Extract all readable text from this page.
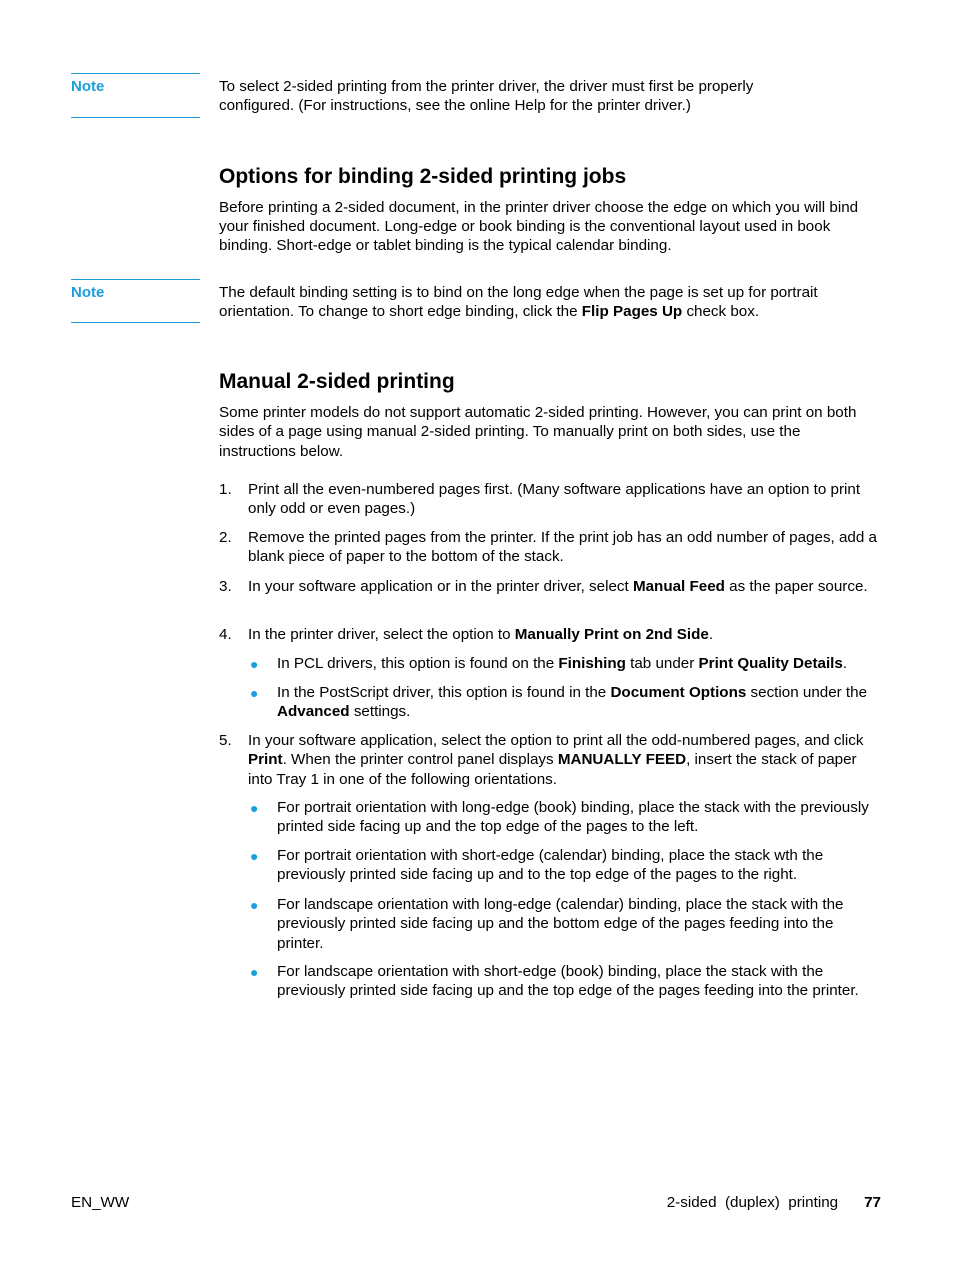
Note	To select 2-sided printing from the printer driver, the driver must first be properly
configured. (For instructions, see the online Help for the printer driver.)
Options for binding 2-sided printing jobs

Before printing a 2-sided document, in the printer driver choose the edge on which you will bind your finished document. Long-edge or book binding is the conventional layout used in book binding. Short-edge or tablet binding is the typical calendar binding.

Note	The default binding setting is to bind on the long edge when the page is set up for portrait
orientation. To change to short edge binding, click the Flip Pages Up check box.
Manual 2-sided printing

Some printer models do not support automatic 2-sided printing. However, you can print on both sides of a page using manual 2-sided printing. To manually print on both sides, use the instructions below.

1. Print all the even-numbered pages first. (Many software applications have an option to print only odd or even pages.)
2. Remove the printed pages from the printer. If the print job has an odd number of pages, add a blank piece of paper to the bottom of the stack.
3. In your software application or in the printer driver, select Manual Feed as the paper source.
4. In the printer driver, select the option to Manually Print on 2nd Side.
● In PCL drivers, this option is found on the Finishing tab under Print Quality Details.
● In the PostScript driver, this option is found in the Document Options section under the Advanced settings.
5. In your software application, select the option to print all the odd-numbered pages, and click Print. When the printer control panel displays MANUALLY FEED, insert the stack of paper into Tray 1 in one of the following orientations.
● For portrait orientation with long-edge (book) binding, place the stack with the previously printed side facing up and the top edge of the pages to the left.
● For portrait orientation with short-edge (calendar) binding, place the stack wth the previously printed side facing up and to the top edge of the pages to the right.
● For landscape orientation with long-edge (calendar) binding, place the stack with the previously printed side facing up and the bottom edge of the pages feeding into the printer.
● For landscape orientation with short-edge (book) binding, place the stack with the previously printed side facing up and the top edge of the pages feeding into the printer.
EN_WW	2-sided  (duplex)  printing 77
